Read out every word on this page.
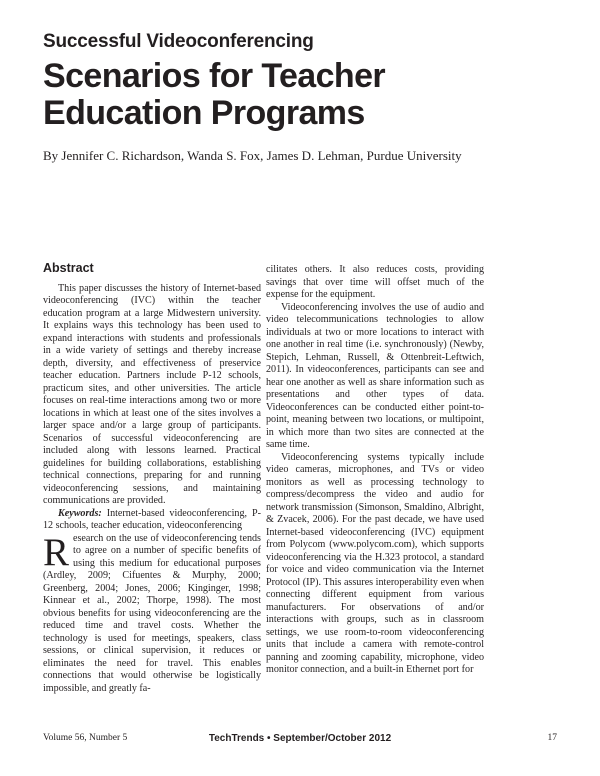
Successful Videoconferencing
Scenarios for Teacher
Education Programs
By Jennifer C. Richardson, Wanda S. Fox, James D. Lehman, Purdue University
Abstract

This paper discusses the history of Internet-based videoconferencing (IVC) within the teacher education program at a large Midwestern university. It explains ways this technology has been used to expand interactions with students and professionals in a wide variety of settings and thereby increase depth, diversity, and effectiveness of preservice teacher education. Partners include P-12 schools, practicum sites, and other universities. The article focuses on real-time interactions among two or more locations in which at least one of the sites involves a larger space and/or a large group of participants. Scenarios of successful videoconferencing are included along with lessons learned. Practical guidelines for building collaborations, establishing technical connections, preparing for and running videoconferencing sessions, and maintaining communications are provided.

Keywords: Internet-based videoconferencing, P-12 schools, teacher education, videoconferencing

Research on the use of videoconferencing tends to agree on a number of specific benefits of using this medium for educational purposes (Ardley, 2009; Cifuentes & Murphy, 2000; Greenberg, 2004; Jones, 2006; Kinginger, 1998; Kinnear et al., 2002; Thorpe, 1998). The most obvious benefits for using videoconferencing are the reduced time and travel costs. Whether the technology is used for meetings, speakers, class sessions, or clinical supervision, it reduces or eliminates the need for travel. This enables connections that would otherwise be logistically impossible, and greatly fa-

cilitates others. It also reduces costs, providing savings that over time will offset much of the expense for the equipment.

Videoconferencing involves the use of audio and video telecommunications technologies to allow individuals at two or more locations to interact with one another in real time (i.e. synchronously) (Newby, Stepich, Lehman, Russell, & Ottenbreit-Leftwich, 2011). In videoconferences, participants can see and hear one another as well as share information such as presentations and other types of data. Videoconferences can be conducted either point-to-point, meaning between two locations, or multipoint, in which more than two sites are connected at the same time.

Videoconferencing systems typically include video cameras, microphones, and TVs or video monitors as well as processing technology to compress/decompress the video and audio for network transmission (Simonson, Smaldino, Albright, & Zvacek, 2006). For the past decade, we have used Internet-based videoconferencing (IVC) equipment from Polycom (www.polycom.com), which supports videoconferencing via the H.323 protocol, a standard for voice and video communication via the Internet Protocol (IP). This assures interoperability even when connecting different equipment from various manufacturers. For observations of and/or interactions with groups, such as in classroom settings, we use room-to-room videoconferencing units that include a camera with remote-control panning and zooming capability, microphone, video monitor connection, and a built-in Ethernet port for

Volume 56, Number 5	TechTrends • September/October 2012	17
